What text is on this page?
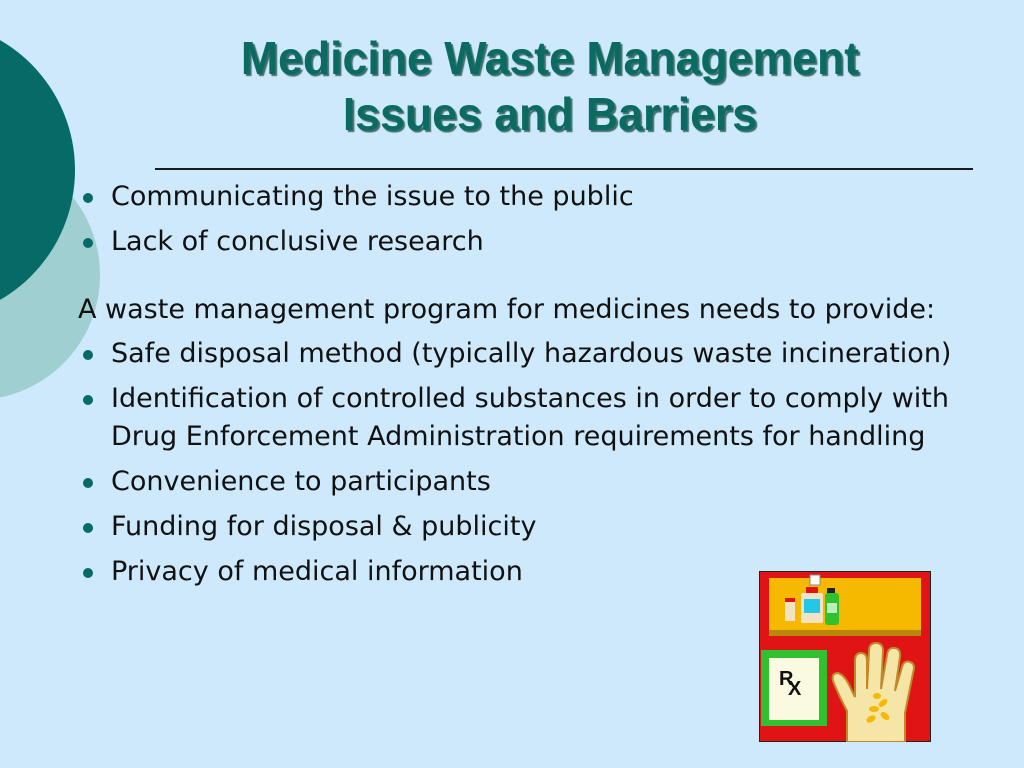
Medicine Waste Management
Issues and Barriers
Communicating the issue to the public
Lack of conclusive research
A waste management program for medicines needs to provide:
Safe disposal method (typically hazardous waste incineration)
Identification of controlled substances in order to comply with Drug Enforcement Administration requirements for handling
Convenience to participants
Funding for disposal & publicity
Privacy of medical information
R
X
